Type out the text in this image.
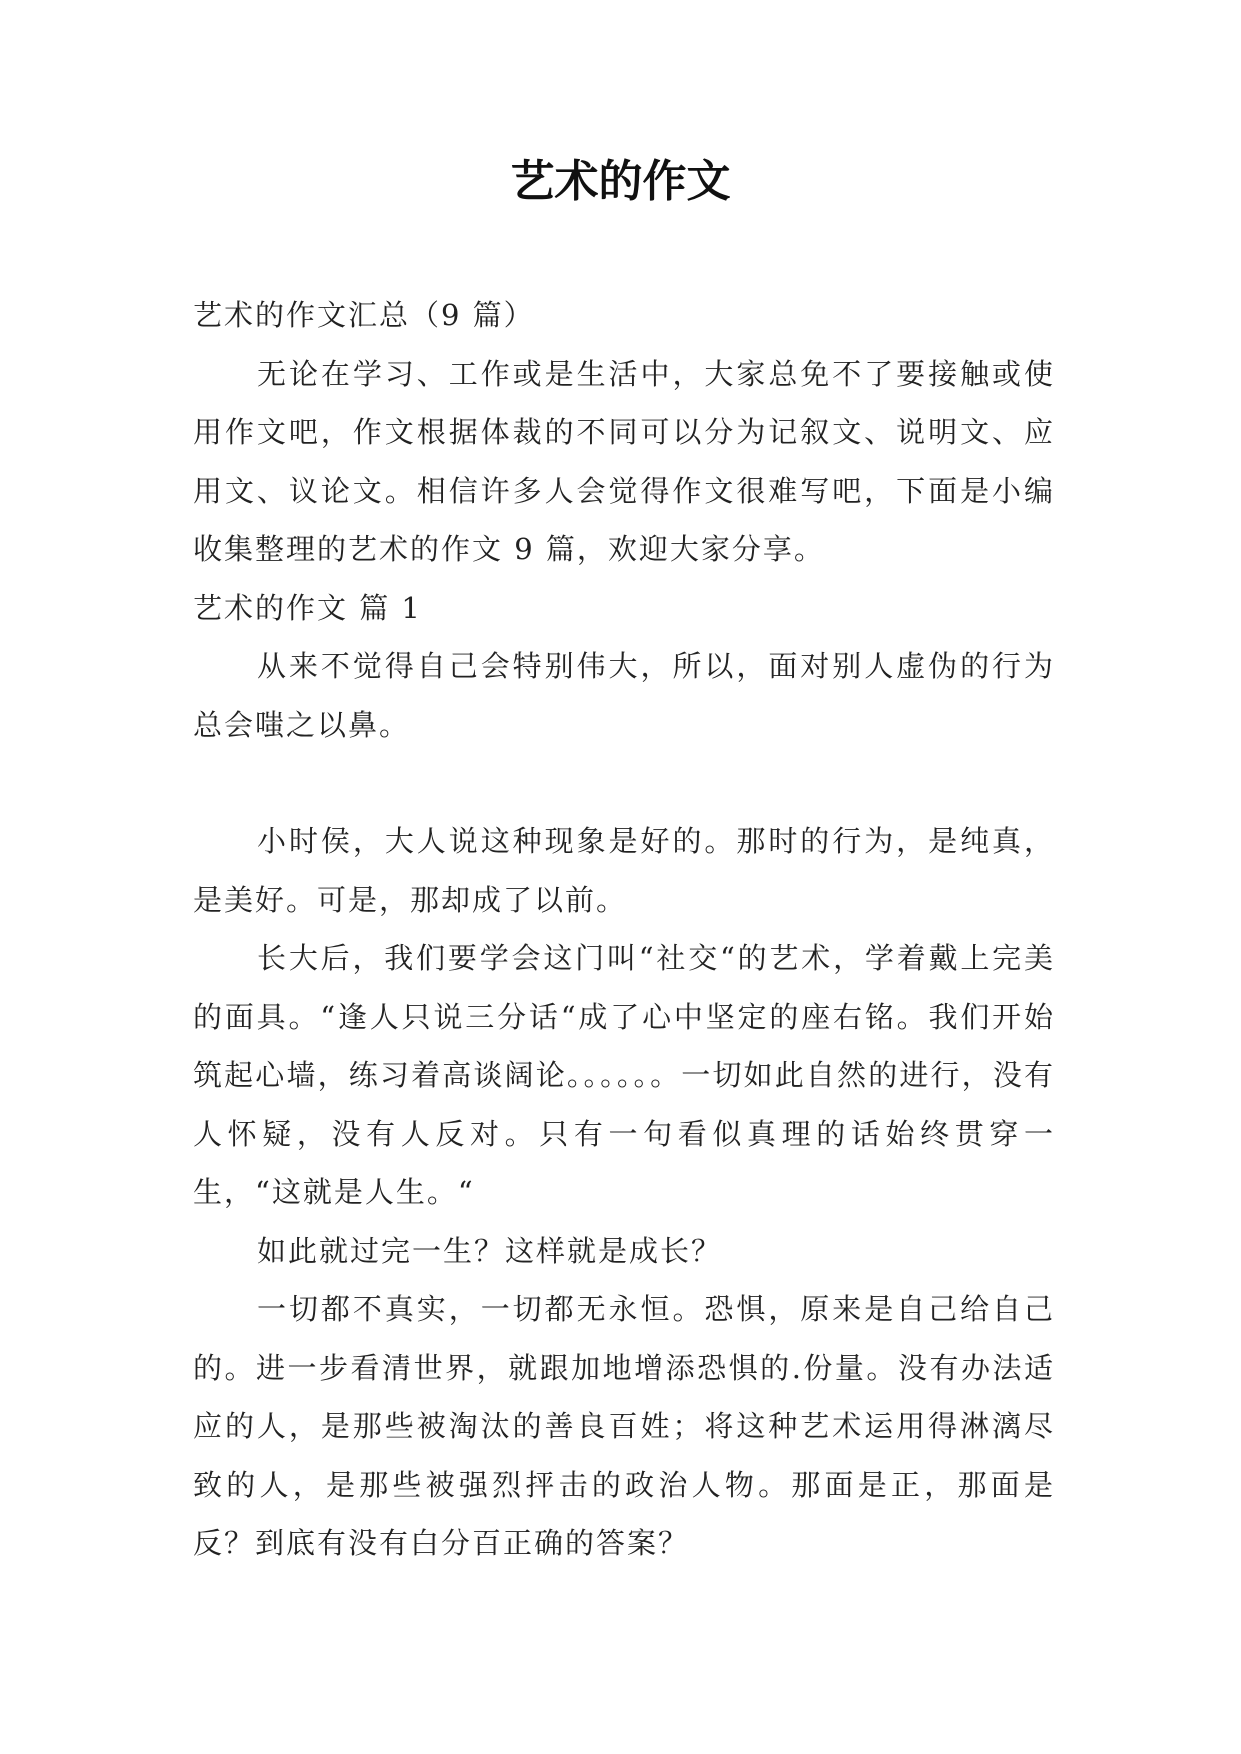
艺术的作文

艺术的作文汇总（9 篇）

无论在学习、工作或是生活中，大家总免不了要接触或使用作文吧，作文根据体裁的不同可以分为记叙文、说明文、应用文、议论文。相信许多人会觉得作文很难写吧，下面是小编收集整理的艺术的作文 9 篇，欢迎大家分享。

艺术的作文 篇 1

从来不觉得自己会特别伟大，所以，面对别人虚伪的行为总会嗤之以鼻。

小时侯，大人说这种现象是好的。那时的行为，是纯真，是美好。可是，那却成了以前。

长大后，我们要学会这门叫“社交“的艺术，学着戴上完美的面具。“逢人只说三分话“成了心中坚定的座右铭。我们开始筑起心墙，练习着高谈阔论。。。。。。一切如此自然的进行，没有人怀疑，没有人反对。只有一句看似真理的话始终贯穿一生，“这就是人生。“

如此就过完一生？这样就是成长？

一切都不真实，一切都无永恒。恐惧，原来是自己给自己的。进一步看清世界，就跟加地增添恐惧的.份量。没有办法适应的人，是那些被淘汰的善良百姓；将这种艺术运用得淋漓尽致的人，是那些被强烈抨击的政治人物。那面是正，那面是反？到底有没有白分百正确的答案？
